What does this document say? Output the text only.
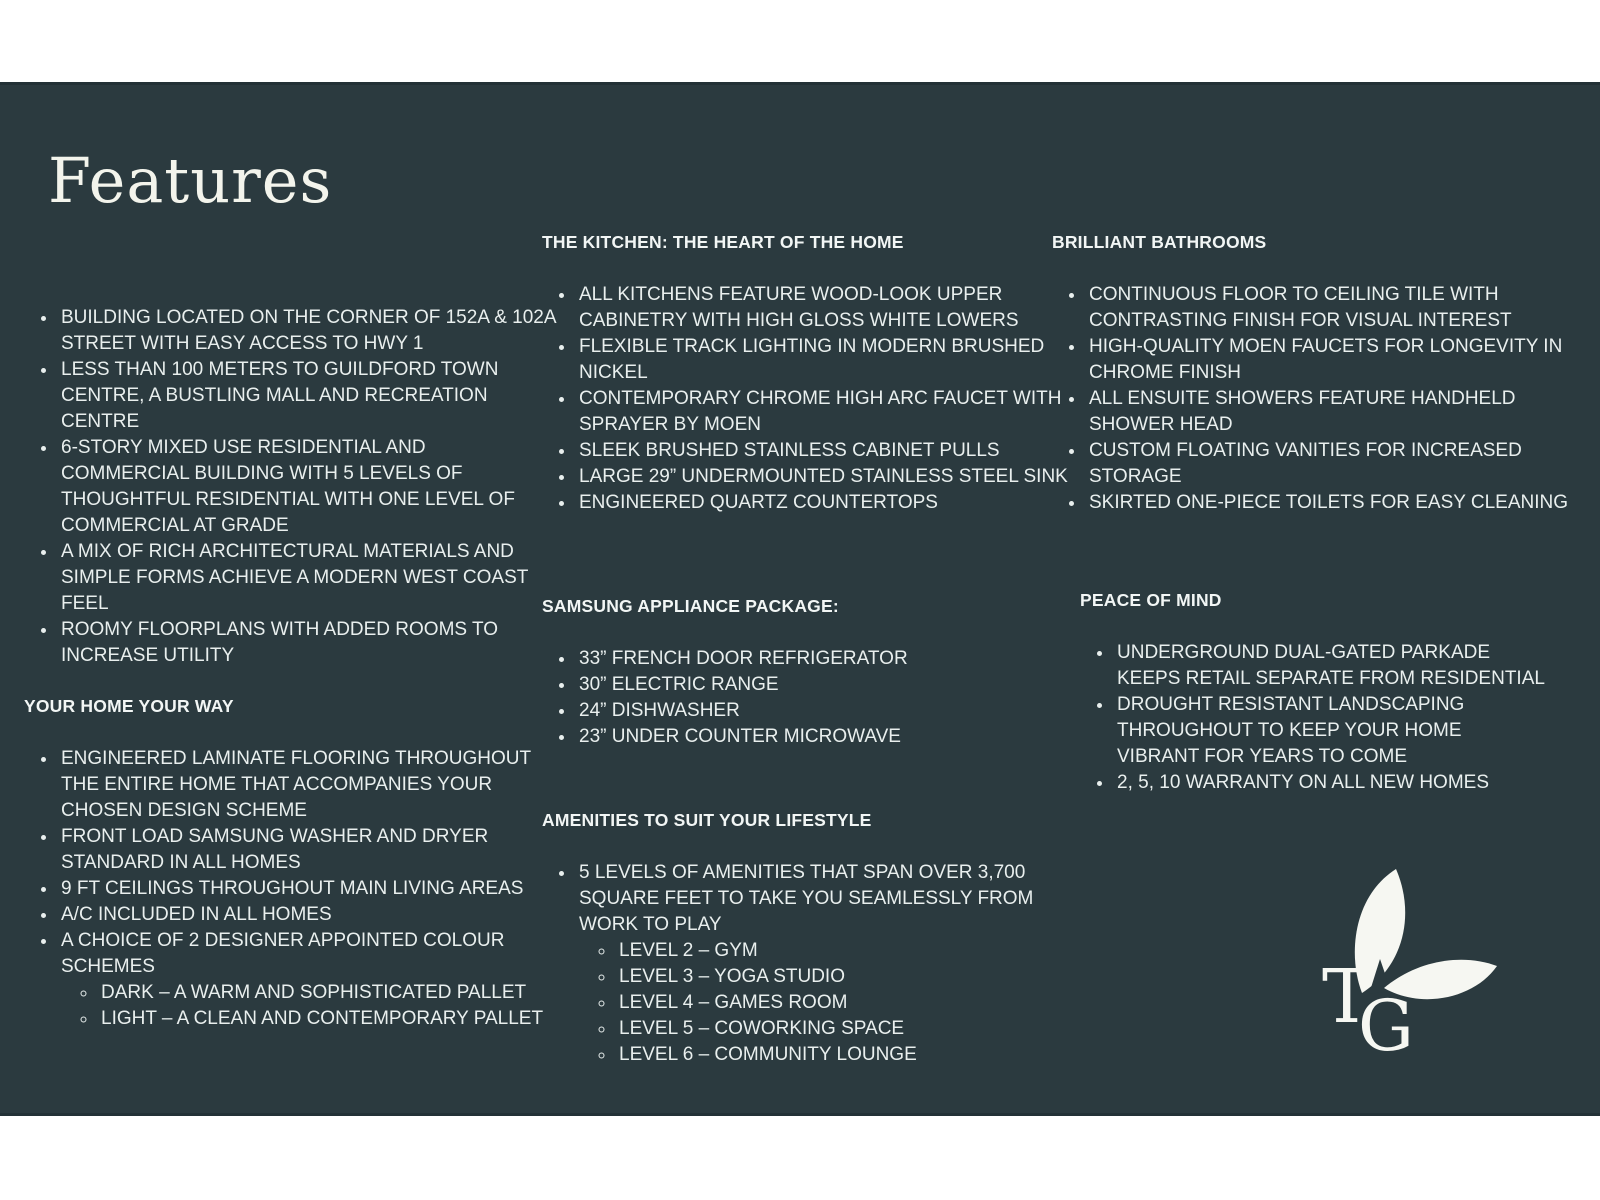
Features
• BUILDING LOCATED ON THE CORNER OF 152A & 102A STREET WITH EASY ACCESS TO HWY 1
• LESS THAN 100 METERS TO GUILDFORD TOWN CENTRE, A BUSTLING MALL AND RECREATION CENTRE
• 6-STORY MIXED USE RESIDENTIAL AND COMMERCIAL BUILDING WITH 5 LEVELS OF THOUGHTFUL RESIDENTIAL WITH ONE LEVEL OF COMMERCIAL AT GRADE
• A MIX OF RICH ARCHITECTURAL MATERIALS AND SIMPLE FORMS ACHIEVE A MODERN WEST COAST FEEL
• ROOMY FLOORPLANS WITH ADDED ROOMS TO INCREASE UTILITY
YOUR HOME YOUR WAY
• ENGINEERED LAMINATE FLOORING THROUGHOUT THE ENTIRE HOME THAT ACCOMPANIES YOUR CHOSEN DESIGN SCHEME
• FRONT LOAD SAMSUNG WASHER AND DRYER STANDARD IN ALL HOMES
• 9 FT CEILINGS THROUGHOUT MAIN LIVING AREAS
• A/C INCLUDED IN ALL HOMES
• A CHOICE OF 2 DESIGNER APPOINTED COLOUR SCHEMES
◦ DARK – A WARM AND SOPHISTICATED PALLET
◦ LIGHT – A CLEAN AND CONTEMPORARY PALLET
THE KITCHEN: THE HEART OF THE HOME
• ALL KITCHENS FEATURE WOOD-LOOK UPPER CABINETRY WITH HIGH GLOSS WHITE LOWERS
• FLEXIBLE TRACK LIGHTING IN MODERN BRUSHED NICKEL
• CONTEMPORARY CHROME HIGH ARC FAUCET WITH SPRAYER BY MOEN
• SLEEK BRUSHED STAINLESS CABINET PULLS
• LARGE 29” UNDERMOUNTED STAINLESS STEEL SINK
• ENGINEERED QUARTZ COUNTERTOPS
SAMSUNG APPLIANCE PACKAGE:
• 33” FRENCH DOOR REFRIGERATOR
• 30” ELECTRIC RANGE
• 24” DISHWASHER
• 23” UNDER COUNTER MICROWAVE
AMENITIES TO SUIT YOUR LIFESTYLE
• 5 LEVELS OF AMENITIES THAT SPAN OVER 3,700 SQUARE FEET TO TAKE YOU SEAMLESSLY FROM WORK TO PLAY
◦ LEVEL 2 – GYM
◦ LEVEL 3 – YOGA STUDIO
◦ LEVEL 4 – GAMES ROOM
◦ LEVEL 5 – COWORKING SPACE
◦ LEVEL 6 – COMMUNITY LOUNGE
BRILLIANT BATHROOMS
• CONTINUOUS FLOOR TO CEILING TILE WITH CONTRASTING FINISH FOR VISUAL INTEREST
• HIGH-QUALITY MOEN FAUCETS FOR LONGEVITY IN CHROME FINISH
• ALL ENSUITE SHOWERS FEATURE HANDHELD SHOWER HEAD
• CUSTOM FLOATING VANITIES FOR INCREASED STORAGE
• SKIRTED ONE-PIECE TOILETS FOR EASY CLEANING
PEACE OF MIND
• UNDERGROUND DUAL-GATED PARKADE KEEPS RETAIL SEPARATE FROM RESIDENTIAL
• DROUGHT RESISTANT LANDSCAPING THROUGHOUT TO KEEP YOUR HOME VIBRANT FOR YEARS TO COME
• 2, 5, 10 WARRANTY ON ALL NEW HOMES
T
G
